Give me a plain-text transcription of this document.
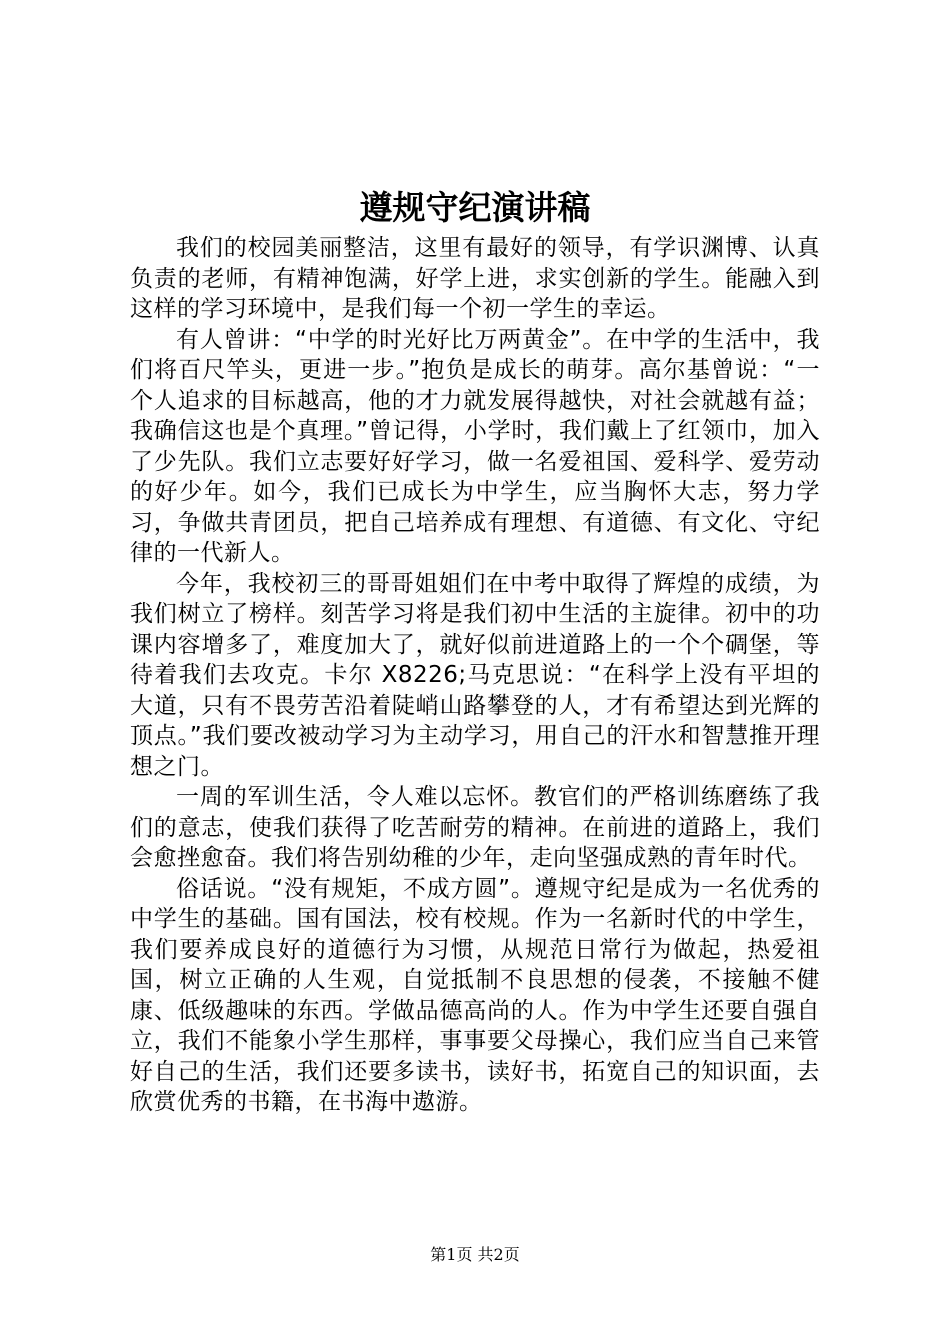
遵规守纪演讲稿

我们的校园美丽整洁，这里有最好的领导，有学识渊博、认真负责的老师，有精神饱满，好学上进，求实创新的学生。能融入到这样的学习环境中，是我们每一个初一学生的幸运。

有人曾讲：“中学的时光好比万两黄金”。在中学的生活中，我们将百尺竿头，更进一步。”抱负是成长的萌芽。高尔基曾说：“一个人追求的目标越高，他的才力就发展得越快，对社会就越有益；我确信这也是个真理。”曾记得，小学时，我们戴上了红领巾，加入了少先队。我们立志要好好学习，做一名爱祖国、爱科学、爱劳动的好少年。如今，我们已成长为中学生，应当胸怀大志，努力学习，争做共青团员，把自己培养成有理想、有道德、有文化、守纪律的一代新人。

今年，我校初三的哥哥姐姐们在中考中取得了辉煌的成绩，为我们树立了榜样。刻苦学习将是我们初中生活的主旋律。初中的功课内容增多了，难度加大了，就好似前进道路上的一个个碉堡，等待着我们去攻克。卡尔 X8226;马克思说：“在科学上没有平坦的大道，只有不畏劳苦沿着陡峭山路攀登的人，才有希望达到光辉的顶点。”我们要改被动学习为主动学习，用自己的汗水和智慧推开理想之门。

一周的军训生活，令人难以忘怀。教官们的严格训练磨练了我们的意志，使我们获得了吃苦耐劳的精神。在前进的道路上，我们会愈挫愈奋。我们将告别幼稚的少年，走向坚强成熟的青年时代。

俗话说。“没有规矩，不成方圆”。遵规守纪是成为一名优秀的中学生的基础。国有国法，校有校规。作为一名新时代的中学生，我们要养成良好的道德行为习惯，从规范日常行为做起，热爱祖国，树立正确的人生观，自觉抵制不良思想的侵袭，不接触不健康、低级趣味的东西。学做品德高尚的人。作为中学生还要自强自立，我们不能象小学生那样，事事要父母操心，我们应当自己来管好自己的生活，我们还要多读书，读好书，拓宽自己的知识面，去欣赏优秀的书籍，在书海中遨游。

第1页 共2页
